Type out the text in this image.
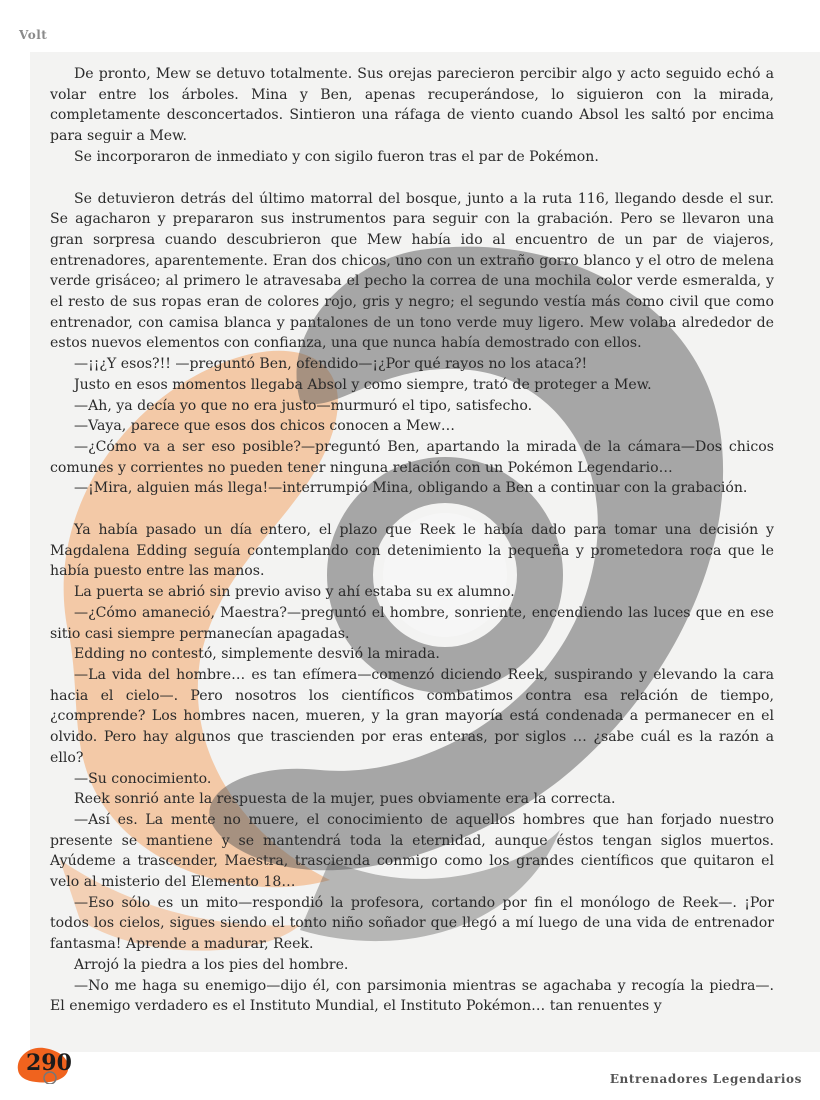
Volt

De pronto, Mew se detuvo totalmente. Sus orejas parecieron percibir algo y acto seguido echó a volar entre los árboles. Mina y Ben, apenas recuperándose, lo siguieron con la mirada, completamente desconcertados. Sintieron una ráfaga de viento cuando Absol les saltó por encima para seguir a Mew.

Se incorporaron de inmediato y con sigilo fueron tras el par de Pokémon.

Se detuvieron detrás del último matorral del bosque, junto a la ruta 116, llegando desde el sur. Se agacharon y prepararon sus instrumentos para seguir con la grabación. Pero se llevaron una gran sorpresa cuando descubrieron que Mew había ido al encuentro de un par de viajeros, entrenadores, aparentemente. Eran dos chicos, uno con un extraño gorro blanco y el otro de melena verde grisáceo; al primero le atravesaba el pecho la correa de una mochila color verde esmeralda, y el resto de sus ropas eran de colores rojo, gris y negro; el segundo vestía más como civil que como entrenador, con camisa blanca y pantalones de un tono verde muy ligero. Mew volaba alrededor de estos nuevos elementos con confianza, una que nunca había demostrado con ellos.

—¡¡¿Y esos?!! —preguntó Ben, ofendido—¡¿Por qué rayos no los ataca?!

Justo en esos momentos llegaba Absol y como siempre, trató de proteger a Mew.

—Ah, ya decía yo que no era justo—murmuró el tipo, satisfecho.

—Vaya, parece que esos dos chicos conocen a Mew…

—¿Cómo va a ser eso posible?—preguntó Ben, apartando la mirada de la cámara—Dos chicos comunes y corrientes no pueden tener ninguna relación con un Pokémon Legendario…

—¡Mira, alguien más llega!—interrumpió Mina, obligando a Ben a continuar con la grabación.

Ya había pasado un día entero, el plazo que Reek le había dado para tomar una decisión y Magdalena Edding seguía contemplando con detenimiento la pequeña y prometedora roca que le había puesto entre las manos.

La puerta se abrió sin previo aviso y ahí estaba su ex alumno.

—¿Cómo amaneció, Maestra?—preguntó el hombre, sonriente, encendiendo las luces que en ese sitio casi siempre permanecían apagadas.

Edding no contestó, simplemente desvió la mirada.

—La vida del hombre… es tan efímera—comenzó diciendo Reek, suspirando y elevando la cara hacia el cielo—. Pero nosotros los científicos combatimos contra esa relación de tiempo, ¿comprende? Los hombres nacen, mueren, y la gran mayoría está condenada a permanecer en el olvido. Pero hay algunos que trascienden por eras enteras, por siglos … ¿sabe cuál es la razón a ello?

—Su conocimiento.

Reek sonrió ante la respuesta de la mujer, pues obviamente era la correcta.

—Así es. La mente no muere, el conocimiento de aquellos hombres que han forjado nuestro presente se mantiene y se mantendrá toda la eternidad, aunque éstos tengan siglos muertos. Ayúdeme a trascender, Maestra, trascienda conmigo como los grandes científicos que quitaron el velo al misterio del Elemento 18…

—Eso sólo es un mito—respondió la profesora, cortando por fin el monólogo de Reek—. ¡Por todos los cielos, sigues siendo el tonto niño soñador que llegó a mí luego de una vida de entrenador fantasma! Aprende a madurar, Reek.

Arrojó la piedra a los pies del hombre.

—No me haga su enemigo—dijo él, con parsimonia mientras se agachaba y recogía la piedra—. El enemigo verdadero es el Instituto Mundial, el Instituto Pokémon… tan renuentes y

290
Entrenadores Legendarios
